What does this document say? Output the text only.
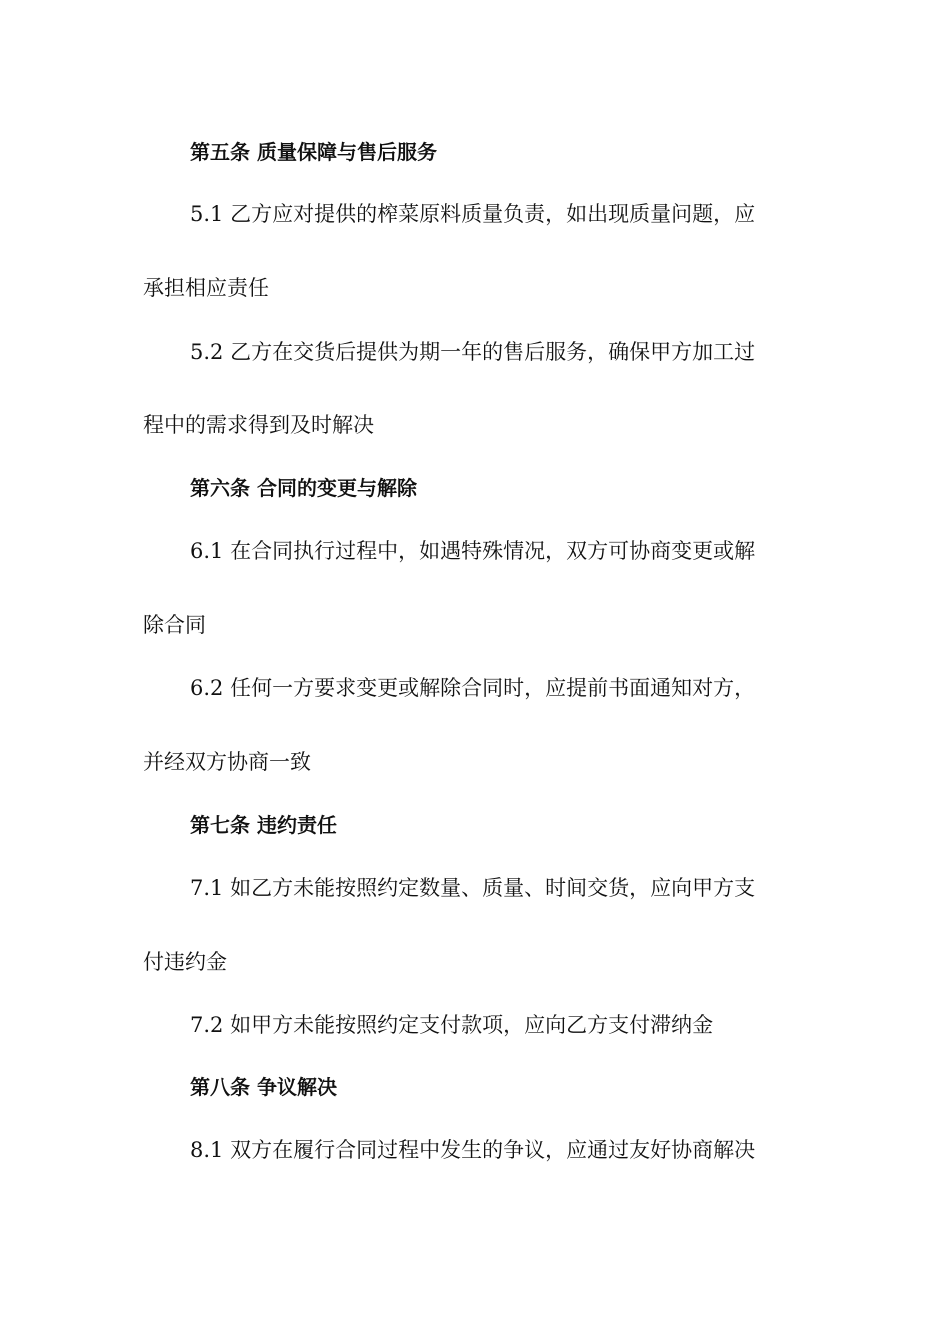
第五条 质量保障与售后服务
5.1 乙方应对提供的榨菜原料质量负责，如出现质量问题，应
承担相应责任
5.2 乙方在交货后提供为期一年的售后服务，确保甲方加工过
程中的需求得到及时解决
第六条 合同的变更与解除
6.1 在合同执行过程中，如遇特殊情况，双方可协商变更或解
除合同
6.2 任何一方要求变更或解除合同时，应提前书面通知对方，
并经双方协商一致
第七条 违约责任
7.1 如乙方未能按照约定数量、质量、时间交货，应向甲方支
付违约金
7.2 如甲方未能按照约定支付款项，应向乙方支付滞纳金
第八条 争议解决
8.1 双方在履行合同过程中发生的争议，应通过友好协商解决
